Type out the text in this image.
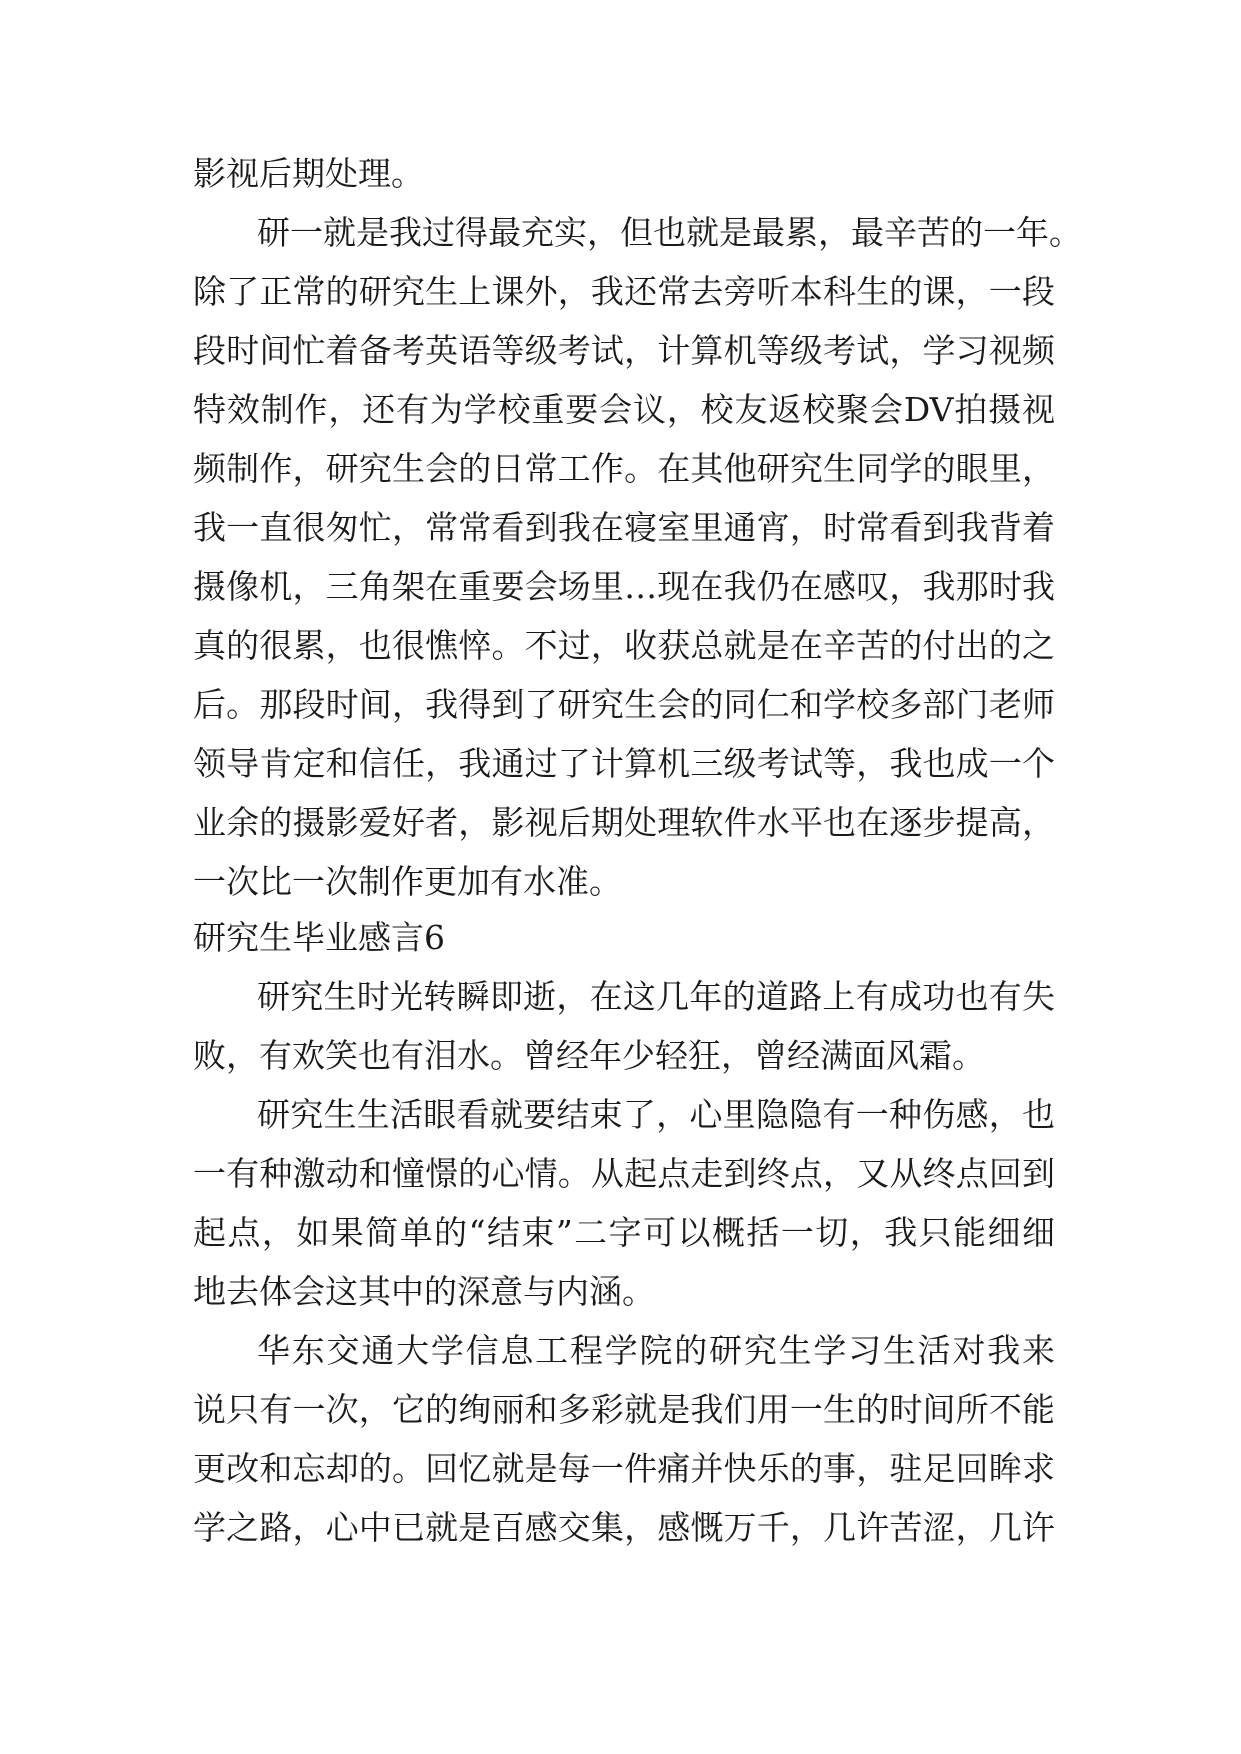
影视后期处理。
研一就是我过得最充实，但也就是最累，最辛苦的一年。
除了正常的研究生上课外，我还常去旁听本科生的课，一段
段时间忙着备考英语等级考试，计算机等级考试，学习视频
特效制作，还有为学校重要会议，校友返校聚会DV拍摄视
频制作，研究生会的日常工作。在其他研究生同学的眼里，
我一直很匆忙，常常看到我在寝室里通宵，时常看到我背着
摄像机，三角架在重要会场里…现在我仍在感叹，我那时我
真的很累，也很憔悴。不过，收获总就是在辛苦的付出的之
后。那段时间，我得到了研究生会的同仁和学校多部门老师
领导肯定和信任，我通过了计算机三级考试等，我也成一个
业余的摄影爱好者，影视后期处理软件水平也在逐步提高，
一次比一次制作更加有水准。
研究生毕业感言6
研究生时光转瞬即逝，在这几年的道路上有成功也有失
败，有欢笑也有泪水。曾经年少轻狂，曾经满面风霜。
研究生生活眼看就要结束了，心里隐隐有一种伤感，也
一有种激动和憧憬的心情。从起点走到终点，又从终点回到
起点，如果简单的“结束”二字可以概括一切，我只能细细
地去体会这其中的深意与内涵。
华东交通大学信息工程学院的研究生学习生活对我来
说只有一次，它的绚丽和多彩就是我们用一生的时间所不能
更改和忘却的。回忆就是每一件痛并快乐的事，驻足回眸求
学之路，心中已就是百感交集，感慨万千，几许苦涩，几许
